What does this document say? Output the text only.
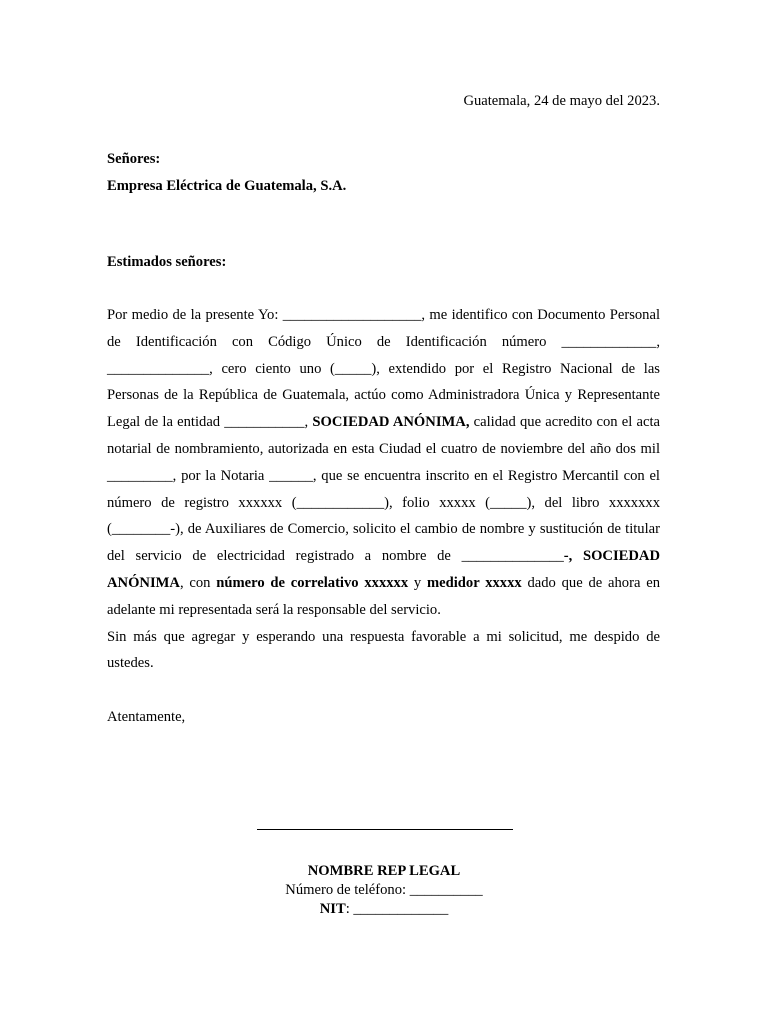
Guatemala, 24 de mayo del 2023.
Señores:
Empresa Eléctrica de Guatemala, S.A.
Estimados señores:

Por medio de la presente Yo: ___________________, me identifico con Documento Personal de Identificación con Código Único de Identificación número _____________, ______________, cero ciento uno (_____), extendido por el Registro Nacional de las Personas de la República de Guatemala, actúo como Administradora Única y Representante Legal de la entidad ___________, SOCIEDAD ANÓNIMA, calidad que acredito con el acta notarial de nombramiento, autorizada en esta Ciudad el cuatro de noviembre del año dos mil _________, por la Notaria ______, que se encuentra inscrito en el Registro Mercantil con el número de registro xxxxxx (____________), folio xxxxx (_____), del libro xxxxxxx (________-), de Auxiliares de Comercio, solicito el cambio de nombre y sustitución de titular del servicio de electricidad registrado a nombre de ______________-, SOCIEDAD ANÓNIMA, con número de correlativo xxxxxx y medidor xxxxx dado que de ahora en adelante mi representada será la responsable del servicio.

Sin más que agregar y esperando una respuesta favorable a mi solicitud, me despido de ustedes.

Atentamente,
NOMBRE REP LEGAL
Número de teléfono: __________
NIT: _____________
